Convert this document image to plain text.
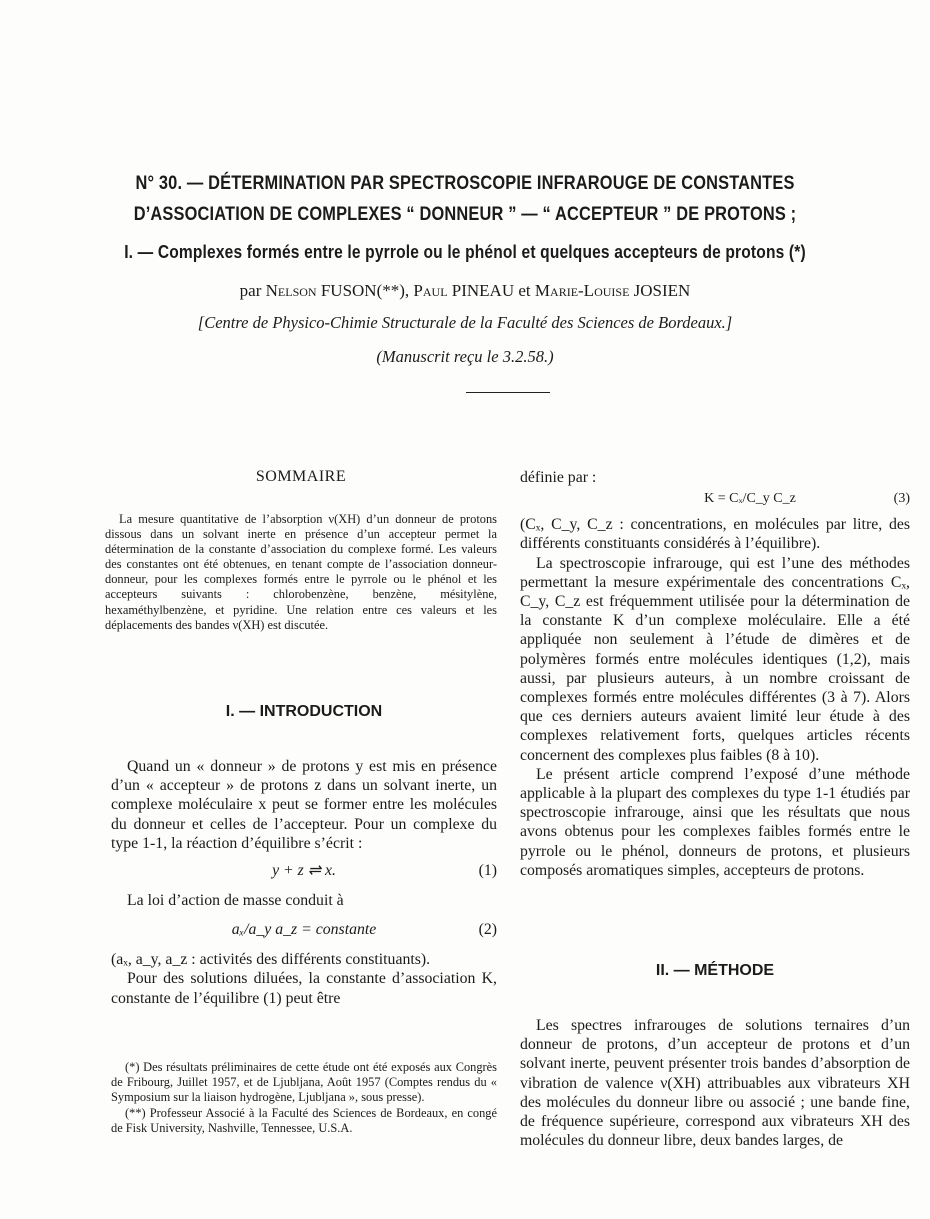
N° 30. — DÉTERMINATION PAR SPECTROSCOPIE INFRAROUGE DE CONSTANTES
D’ASSOCIATION DE COMPLEXES “ DONNEUR ” — “ ACCEPTEUR ” DE PROTONS ;
I. — Complexes formés entre le pyrrole ou le phénol et quelques accepteurs de protons (*)
par Nelson FUSON(**), Paul PINEAU et Marie-Louise JOSIEN
[Centre de Physico-Chimie Structurale de la Faculté des Sciences de Bordeaux.]
(Manuscrit reçu le 3.2.58.)
SOMMAIRE
La mesure quantitative de l’absorption ν(XH) d’un donneur de protons dissous dans un solvant inerte en présence d’un accepteur permet la détermination de la constante d’association du complexe formé. Les valeurs des constantes ont été obtenues, en tenant compte de l’association donneur-donneur, pour les complexes formés entre le pyrrole ou le phénol et les accepteurs suivants : chlorobenzène, benzène, mésitylène, hexaméthylbenzène, et pyridine. Une relation entre ces valeurs et les déplacements des bandes ν(XH) est discutée.
I. — INTRODUCTION

Quand un « donneur » de protons y est mis en présence d’un « accepteur » de protons z dans un solvant inerte, un complexe moléculaire x peut se former entre les molécules du donneur et celles de l’accepteur. Pour un complexe du type 1-1, la réaction d’équilibre s’écrit :

y + z ⇌ x.	(1)

La loi d’action de masse conduit à

aₓ/a_y a_z = constante	(2)

(aₓ, a_y, a_z : activités des différents constituants).

Pour des solutions diluées, la constante d’association K, constante de l’équilibre (1) peut être

(*) Des résultats préliminaires de cette étude ont été exposés aux Congrès de Fribourg, Juillet 1957, et de Ljubljana, Août 1957 (Comptes rendus du « Symposium sur la liaison hydrogène, Ljubljana », sous presse).

(**) Professeur Associé à la Faculté des Sciences de Bordeaux, en congé de Fisk University, Nashville, Tennessee, U.S.A.

définie par :

K = Cₓ/C_y C_z	(3)

(Cₓ, C_y, C_z : concentrations, en molécules par litre, des différents constituants considérés à l’équilibre).

La spectroscopie infrarouge, qui est l’une des méthodes permettant la mesure expérimentale des concentrations Cₓ, C_y, C_z est fréquemment utilisée pour la détermination de la constante K d’un complexe moléculaire. Elle a été appliquée non seulement à l’étude de dimères et de polymères formés entre molécules identiques (1,2), mais aussi, par plusieurs auteurs, à un nombre croissant de complexes formés entre molécules différentes (3 à 7). Alors que ces derniers auteurs avaient limité leur étude à des complexes relativement forts, quelques articles récents concernent des complexes plus faibles (8 à 10).

Le présent article comprend l’exposé d’une méthode applicable à la plupart des complexes du type 1-1 étudiés par spectroscopie infrarouge, ainsi que les résultats que nous avons obtenus pour les complexes faibles formés entre le pyrrole ou le phénol, donneurs de protons, et plusieurs composés aromatiques simples, accepteurs de protons.

II. — MÉTHODE

Les spectres infrarouges de solutions ternaires d’un donneur de protons, d’un accepteur de protons et d’un solvant inerte, peuvent présenter trois bandes d’absorption de vibration de valence ν(XH) attribuables aux vibrateurs XH des molécules du donneur libre ou associé ; une bande fine, de fréquence supérieure, correspond aux vibrateurs XH des molécules du donneur libre, deux bandes larges, de
